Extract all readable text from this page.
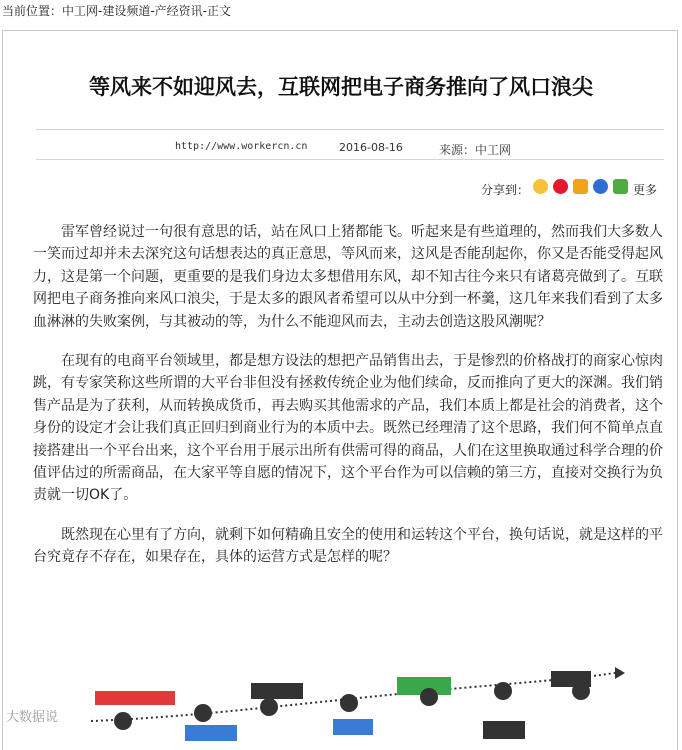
当前位置：中工网-建设频道-产经资讯-正文
等风来不如迎风去，互联网把电子商务推向了风口浪尖
http://www.workercn.cn	2016-08-16	来源：中工网
分享到：	更多

雷军曾经说过一句很有意思的话，站在风口上猪都能飞。听起来是有些道理的，然而我们大多数人一笑而过却并未去深究这句话想表达的真正意思，等风而来，这风是否能刮起你，你又是否能受得起风力，这是第一个问题，更重要的是我们身边太多想借用东风，却不知古往今来只有诸葛亮做到了。互联网把电子商务推向来风口浪尖，于是太多的跟风者希望可以从中分到一杯羹，这几年来我们看到了太多血淋淋的失败案例，与其被动的等，为什么不能迎风而去，主动去创造这股风潮呢？

在现有的电商平台领域里，都是想方设法的想把产品销售出去，于是惨烈的价格战打的商家心惊肉跳，有专家笑称这些所谓的大平台非但没有拯救传统企业为他们续命，反而推向了更大的深渊。我们销售产品是为了获利，从而转换成货币，再去购买其他需求的产品，我们本质上都是社会的消费者，这个身份的设定才会让我们真正回归到商业行为的本质中去。既然已经理清了这个思路，我们何不简单点直接搭建出一个平台出来，这个平台用于展示出所有供需可得的商品，人们在这里换取通过科学合理的价值评估过的所需商品，在大家平等自愿的情况下，这个平台作为可以信赖的第三方，直接对交换行为负责就一切OK了。

既然现在心里有了方向，就剩下如何精确且安全的使用和运转这个平台，换句话说，就是这样的平台究竟存不存在，如果存在，具体的运营方式是怎样的呢？

大数据说
